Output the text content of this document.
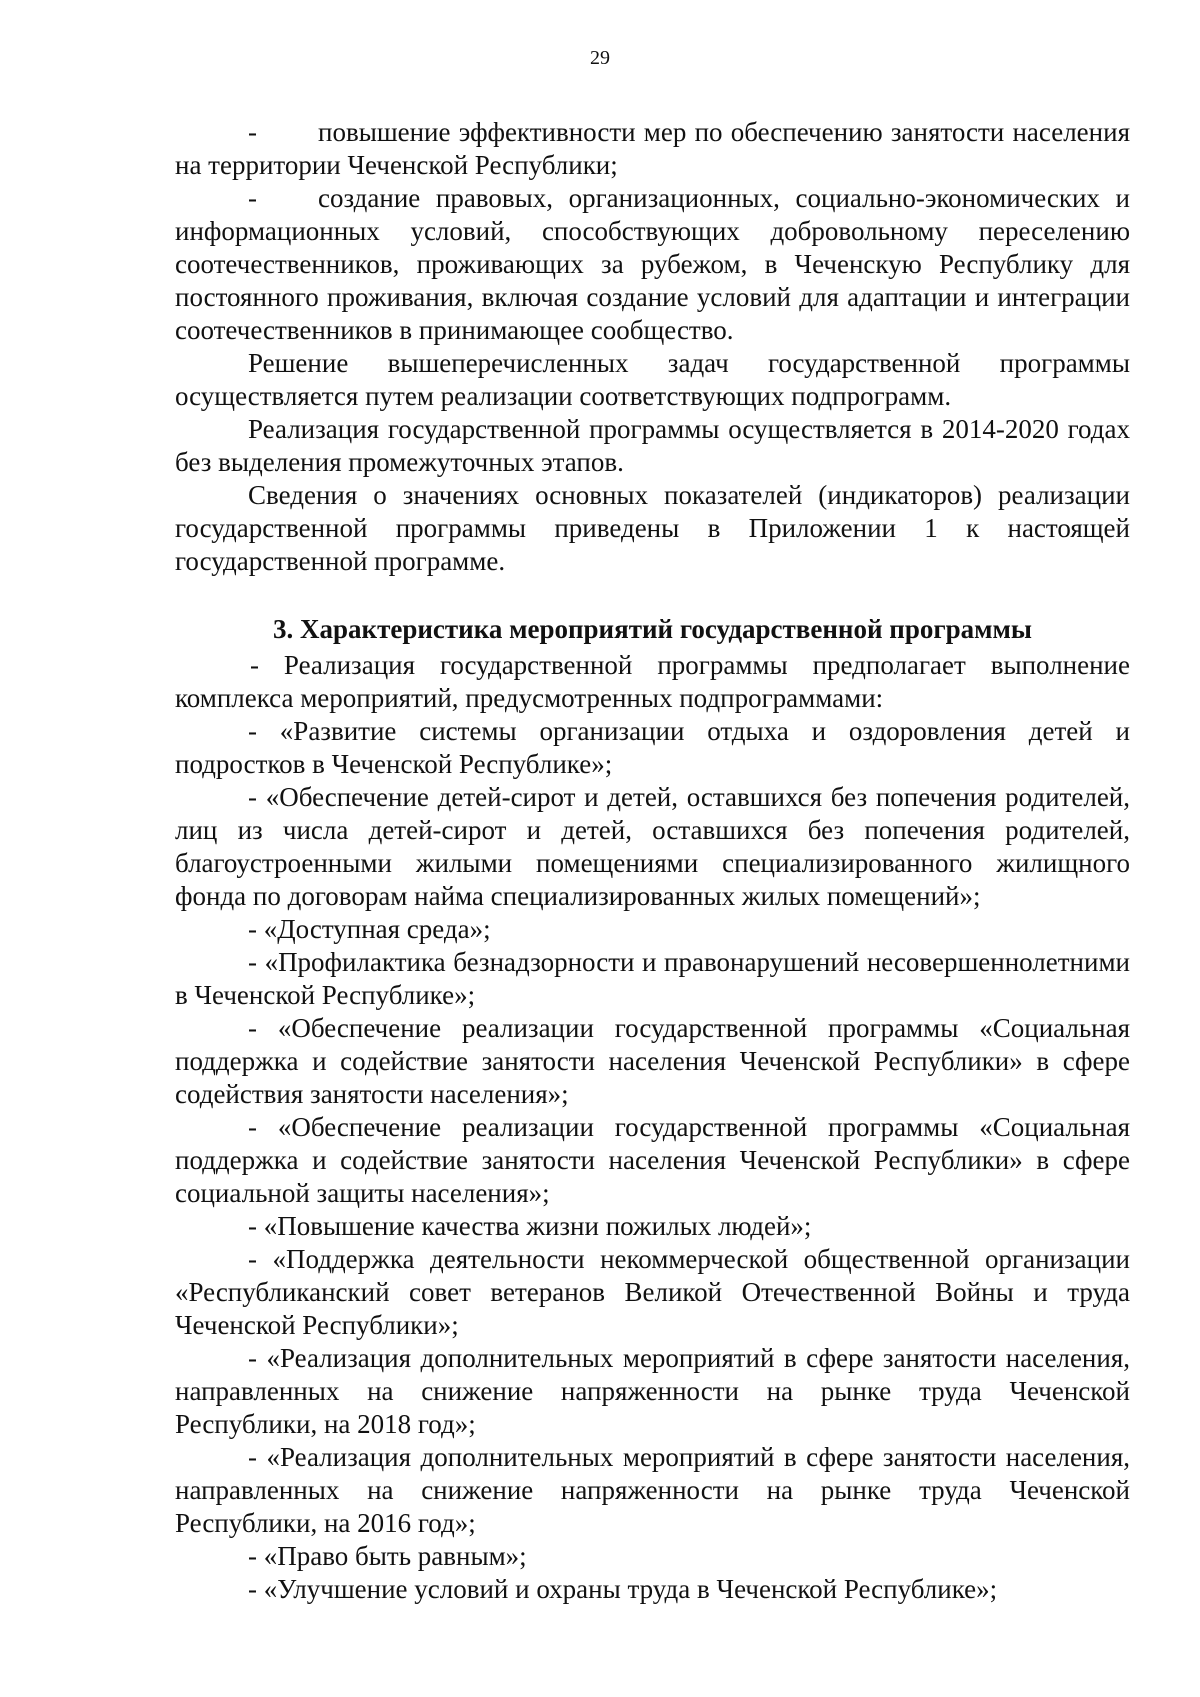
29

- повышение эффективности мер по обеспечению занятости населения на территории Чеченской Республики;

- создание правовых, организационных, социально-экономических и информационных условий, способствующих добровольному переселению соотечественников, проживающих за рубежом, в Чеченскую Республику для постоянного проживания, включая создание условий для адаптации и интеграции соотечественников в принимающее сообщество.

Решение вышеперечисленных задач государственной программы осуществляется путем реализации соответствующих подпрограмм.

Реализация государственной программы осуществляется в 2014-2020 годах без выделения промежуточных этапов.

Сведения о значениях основных показателей (индикаторов) реализации государственной программы приведены в Приложении 1 к настоящей государственной программе.

3. Характеристика мероприятий государственной программы

- Реализация государственной программы предполагает выполнение комплекса мероприятий, предусмотренных подпрограммами:

- «Развитие системы организации отдыха и оздоровления детей и подростков в Чеченской Республике»;

- «Обеспечение детей-сирот и детей, оставшихся без попечения родителей, лиц из числа детей-сирот и детей, оставшихся без попечения родителей, благоустроенными жилыми помещениями специализированного жилищного фонда по договорам найма специализированных жилых помещений»;

- «Доступная среда»;

- «Профилактика безнадзорности и правонарушений несовершеннолетними в Чеченской Республике»;

- «Обеспечение реализации государственной программы «Социальная поддержка и содействие занятости населения Чеченской Республики» в сфере содействия занятости населения»;

- «Обеспечение реализации государственной программы «Социальная поддержка и содействие занятости населения Чеченской Республики» в сфере социальной защиты населения»;

- «Повышение качества жизни пожилых людей»;

- «Поддержка деятельности некоммерческой общественной организации «Республиканский совет ветеранов Великой Отечественной Войны и труда Чеченской Республики»;

- «Реализация дополнительных мероприятий в сфере занятости населения, направленных на снижение напряженности на рынке труда Чеченской Республики, на 2018 год»;

- «Реализация дополнительных мероприятий в сфере занятости населения, направленных на снижение напряженности на рынке труда Чеченской Республики, на 2016 год»;

- «Право быть равным»;

- «Улучшение условий и охраны труда в Чеченской Республике»;
